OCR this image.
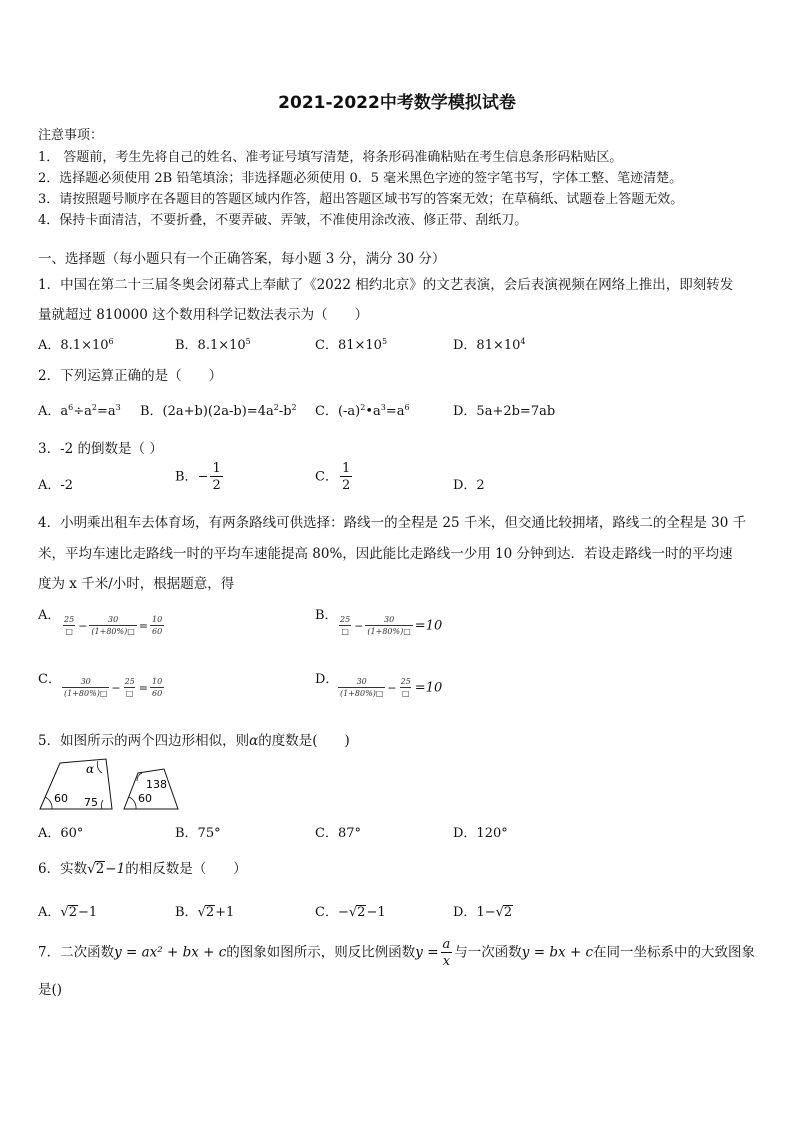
2021-2022中考数学模拟试卷
注意事项：
1． 答题前，考生先将自己的姓名、准考证号填写清楚，将条形码准确粘贴在考生信息条形码粘贴区。
2．选择题必须使用 2B 铅笔填涂；非选择题必须使用 0．5 毫米黑色字迹的签字笔书写，字体工整、笔迹清楚。
3．请按照题号顺序在各题目的答题区域内作答，超出答题区域书写的答案无效；在草稿纸、试题卷上答题无效。
4．保持卡面清洁，不要折叠，不要弄破、弄皱，不准使用涂改液、修正带、刮纸刀。
一、选择题（每小题只有一个正确答案，每小题 3 分，满分 30 分）
1．中国在第二十三届冬奥会闭幕式上奉献了《2022 相约北京》的文艺表演，会后表演视频在网络上推出，即刻转发
量就超过 810000 这个数用科学记数法表示为（　　）
A．$8.1\times 10^6$	B．$8.1\times 10^5$	C．$81\times 10^5$	D．$81\times 10^4$
2．下列运算正确的是（　　）
A．$a^6\div a^2=a^3$ B．$(2a+b)(2a-b)=4a^2-b^2$ C．$(-a)^2•a^3=a^6$	D．5a+2b=7ab
3．-2 的倒数是（ ）
A．-2
B．− $\frac{1}{2}$	C． $\frac{1}{2}$	D．2
4．小明乘出租车去体育场，有两条路线可供选择：路线一的全程是 25 千米，但交通比较拥堵，路线二的全程是 30 千
米，平均车速比走路线一时的平均车速能提高 80%，因此能比走路线一少用 10 分钟到达．若设走路线一时的平均速
度为 x 千米/小时，根据题意，得
A．
$\frac{25}{□} - \frac{30}{(1+80\%)□} = \frac{10}{60}$
B．
$\frac{25}{□} - \frac{30}{(1+80\%)□} =10$
C． $\frac{30}{(1+80\%)□} - \frac{25}{□} = \frac{10}{60}$	D． $\frac{30}{(1+80\%)□} - \frac{25}{□} =10$
5．如图所示的两个四边形相似，则α的度数是(　　)
α
60 75
138
60
A．60°	B．75°	C．87°	D．120°
6．实数√2−1的相反数是（　　）
A．√2−1	B．√2+1	C．−√2−1	D．1−√2
7．二次函数y = ax² + bx + c的图象如图所示，则反比例函数$y = \frac{a}{x}$ 与一次函数y = bx + c在同一坐标系中的大致图象
是()
